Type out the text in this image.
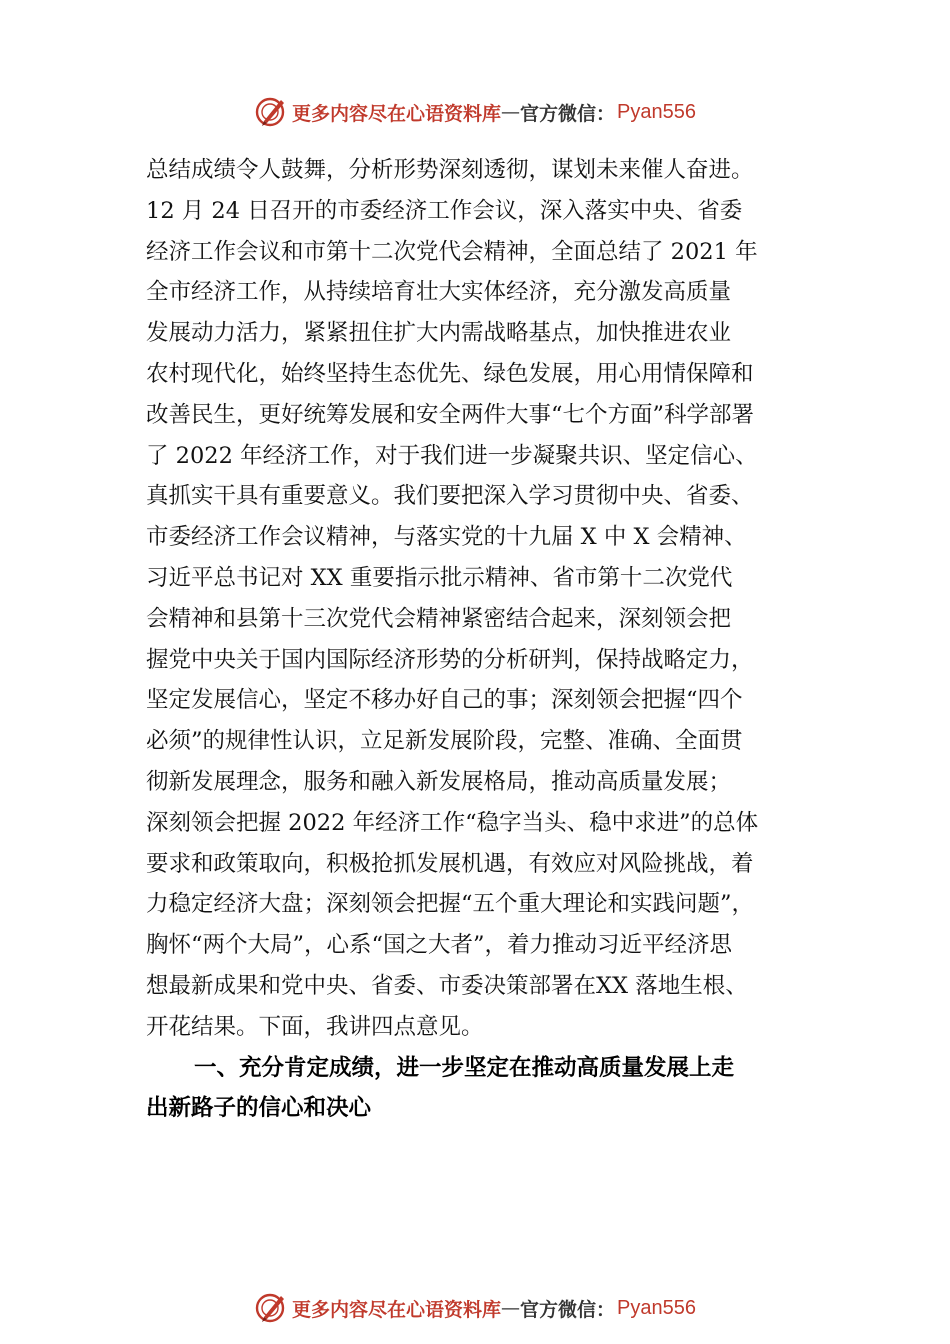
更多内容尽在心语资料库 — 官方微信： Pyan556
总结成绩令人鼓舞，分析形势深刻透彻，谋划未来催人奋进。
12 月 24 日召开的市委经济工作会议，深入落实中央、省委
经济工作会议和市第十二次党代会精神，全面总结了 2021 年
全市经济工作，从持续培育壮大实体经济，充分激发高质量
发展动力活力，紧紧扭住扩大内需战略基点，加快推进农业
农村现代化，始终坚持生态优先、绿色发展，用心用情保障和
改善民生，更好统筹发展和安全两件大事“七个方面”科学部署
了 2022 年经济工作，对于我们进一步凝聚共识、坚定信心、
真抓实干具有重要意义。我们要把深入学习贯彻中央、省委、
市委经济工作会议精神，与落实党的十九届 X 中 X 会精神、
习近平总书记对 XX 重要指示批示精神、省市第十二次党代
会精神和县第十三次党代会精神紧密结合起来，深刻领会把
握党中央关于国内国际经济形势的分析研判，保持战略定力，
坚定发展信心，坚定不移办好自己的事；深刻领会把握“四个
必须”的规律性认识，立足新发展阶段，完整、准确、全面贯
彻新发展理念，服务和融入新发展格局，推动高质量发展；
深刻领会把握 2022 年经济工作“稳字当头、稳中求进”的总体
要求和政策取向，积极抢抓发展机遇，有效应对风险挑战，着
力稳定经济大盘；深刻领会把握“五个重大理论和实践问题”，
胸怀“两个大局”，心系“国之大者”，着力推动习近平经济思
想最新成果和党中央、省委、市委决策部署在XX 落地生根、
开花结果。下面，我讲四点意见。
一、充分肯定成绩，进一步坚定在推动高质量发展上走
出新路子的信心和决心
更多内容尽在心语资料库 — 官方微信： Pyan556
